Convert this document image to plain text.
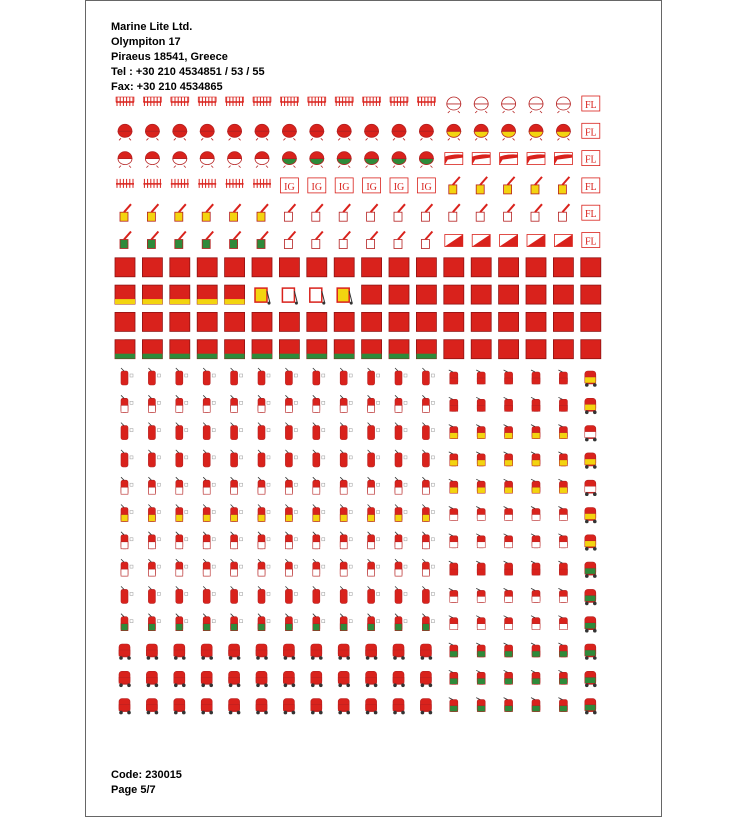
Marine Lite Ltd.
Olympiton 17
Piraeus 18541, Greece
Tel : +30 210 4534851 / 53 / 55
Fax: +30 210 4534865
FL
FL
FL
IG IG IG IG IG IG	FL
FL
FL
Code: 230015
Page 5/7
